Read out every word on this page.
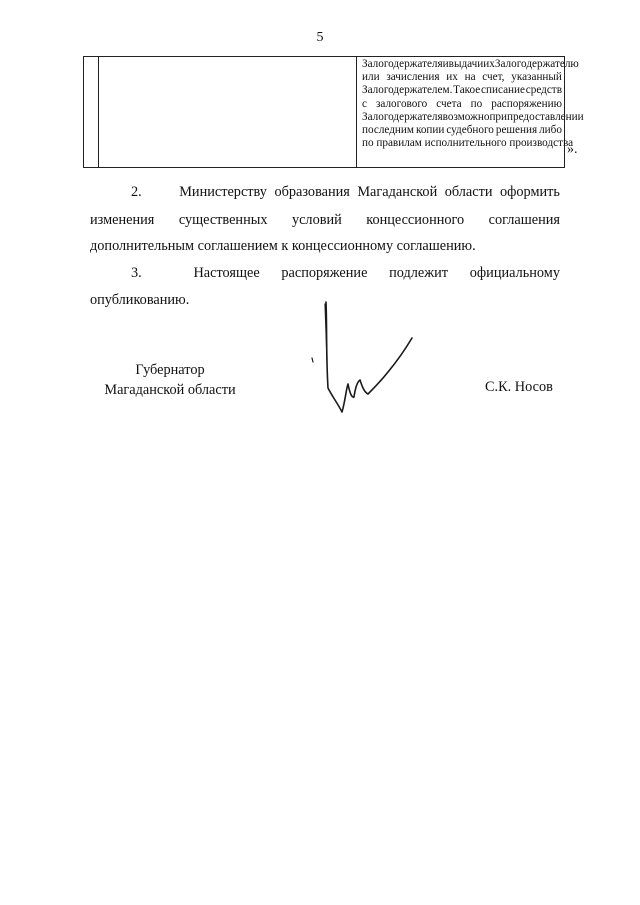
5
Залогодержателя и выдачи их Залогодержателю
или зачисления их на счет, указанный
Залогодержателем. Такое списание средств
с залогового счета по распоряжению
Залогодержателя возможно при предоставлении
последним копии судебного решения либо
по правилам исполнительного производства
».
2.	Министерству образования Магаданской области оформить
изменения существенных условий концессионного соглашения
дополнительным соглашением к концессионному соглашению.
3.	Настоящее распоряжение подлежит официальному
опубликованию.
Губернатор
Магаданской области	С.К. Носов
